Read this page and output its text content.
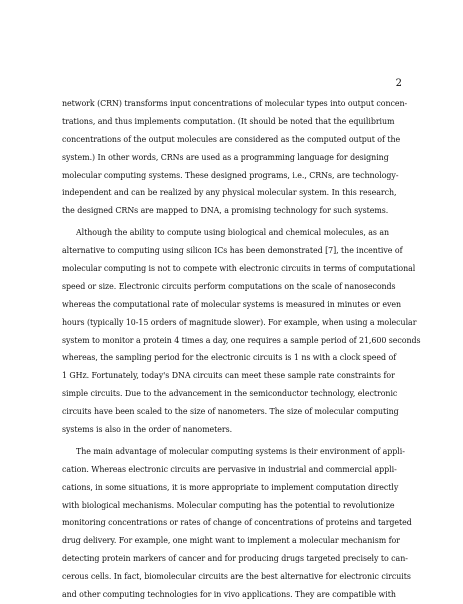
2
network (CRN) transforms input concentrations of molecular types into output concen-
trations, and thus implements computation. (It should be noted that the equilibrium
concentrations of the output molecules are considered as the computed output of the
system.) In other words, CRNs are used as a programming language for designing
molecular computing systems. These designed programs, i.e., CRNs, are technology-
independent and can be realized by any physical molecular system. In this research,
the designed CRNs are mapped to DNA, a promising technology for such systems.
Although the ability to compute using biological and chemical molecules, as an
alternative to computing using silicon ICs has been demonstrated [7], the incentive of
molecular computing is not to compete with electronic circuits in terms of computational
speed or size. Electronic circuits perform computations on the scale of nanoseconds
whereas the computational rate of molecular systems is measured in minutes or even
hours (typically 10-15 orders of magnitude slower). For example, when using a molecular
system to monitor a protein 4 times a day, one requires a sample period of 21,600 seconds
whereas, the sampling period for the electronic circuits is 1 ns with a clock speed of
1 GHz. Fortunately, today's DNA circuits can meet these sample rate constraints for
simple circuits. Due to the advancement in the semiconductor technology, electronic
circuits have been scaled to the size of nanometers. The size of molecular computing
systems is also in the order of nanometers.
The main advantage of molecular computing systems is their environment of appli-
cation. Whereas electronic circuits are pervasive in industrial and commercial appli-
cations, in some situations, it is more appropriate to implement computation directly
with biological mechanisms. Molecular computing has the potential to revolutionize
monitoring concentrations or rates of change of concentrations of proteins and targeted
drug delivery. For example, one might want to implement a molecular mechanism for
detecting protein markers of cancer and for producing drugs targeted precisely to can-
cerous cells. In fact, biomolecular circuits are the best alternative for electronic circuits
and other computing technologies for in vivo applications. They are compatible with
